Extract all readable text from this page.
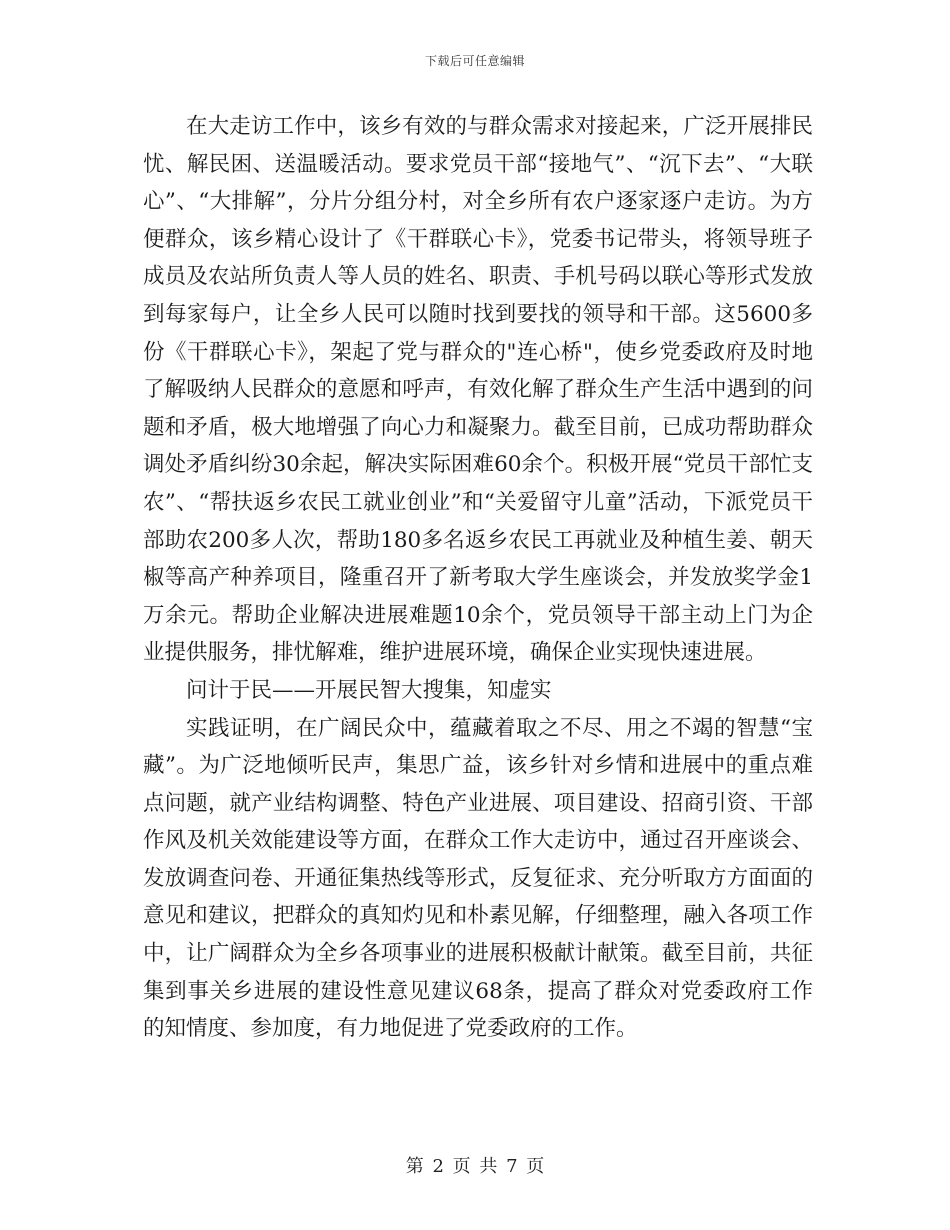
下载后可任意编辑

在大走访工作中，该乡有效的与群众需求对接起来，广泛开展排民忧、解民困、送温暖活动。要求党员干部“接地气”、“沉下去”、“大联心”、“大排解”，分片分组分村，对全乡所有农户逐家逐户走访。为方便群众，该乡精心设计了《干群联心卡》，党委书记带头，将领导班子成员及农站所负责人等人员的姓名、职责、手机号码以联心等形式发放到每家每户，让全乡人民可以随时找到要找的领导和干部。这5600多份《干群联心卡》，架起了党与群众的"连心桥"，使乡党委政府及时地了解吸纳人民群众的意愿和呼声，有效化解了群众生产生活中遇到的问题和矛盾，极大地增强了向心力和凝聚力。截至目前，已成功帮助群众调处矛盾纠纷30余起，解决实际困难60余个。积极开展“党员干部忙支农”、“帮扶返乡农民工就业创业”和“关爱留守儿童”活动，下派党员干部助农200多人次，帮助180多名返乡农民工再就业及种植生姜、朝天椒等高产种养项目，隆重召开了新考取大学生座谈会，并发放奖学金1万余元。帮助企业解决进展难题10余个，党员领导干部主动上门为企业提供服务，排忧解难，维护进展环境，确保企业实现快速进展。

问计于民——开展民智大搜集，知虚实

实践证明，在广阔民众中，蕴藏着取之不尽、用之不竭的智慧“宝藏”。为广泛地倾听民声，集思广益，该乡针对乡情和进展中的重点难点问题，就产业结构调整、特色产业进展、项目建设、招商引资、干部作风及机关效能建设等方面，在群众工作大走访中，通过召开座谈会、发放调查问卷、开通征集热线等形式，反复征求、充分听取方方面面的意见和建议，把群众的真知灼见和朴素见解，仔细整理，融入各项工作中，让广阔群众为全乡各项事业的进展积极献计献策。截至目前，共征集到事关乡进展的建设性意见建议68条，提高了群众对党委政府工作的知情度、参加度，有力地促进了党委政府的工作。

第 2 页 共 7 页
